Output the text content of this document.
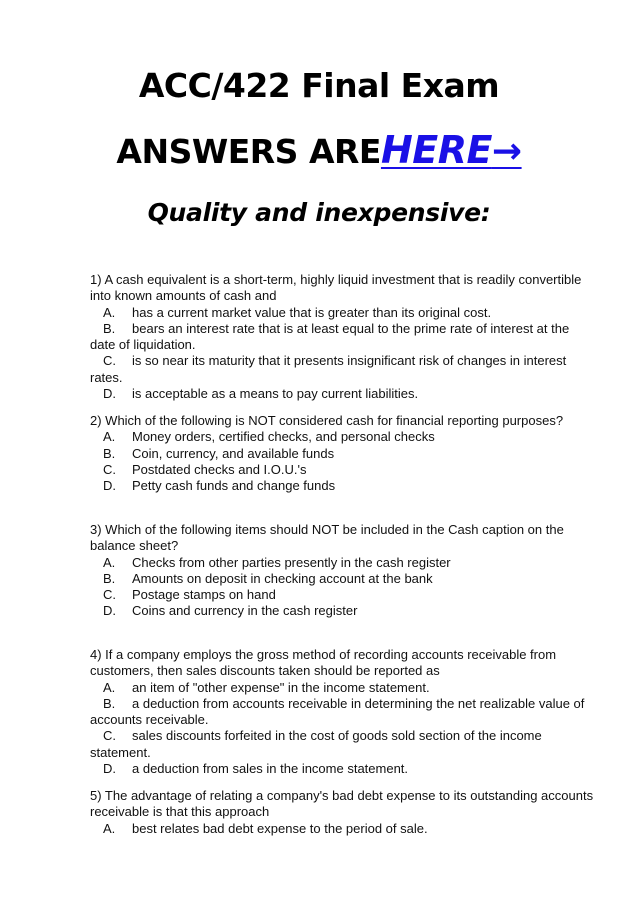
ACC/422 Final Exam
ANSWERS AREHERE→
Quality and inexpensive:

1) A cash equivalent is a short-term, highly liquid investment that is readily convertible into known amounts of cash and

A. has a current market value that is greater than its original cost.

B. bears an interest rate that is at least equal to the prime rate of interest at the date of liquidation.

C. is so near its maturity that it presents insignificant risk of changes in interest rates.

D. is acceptable as a means to pay current liabilities.

2) Which of the following is NOT considered cash for financial reporting purposes?

A. Money orders, certified checks, and personal checks

B. Coin, currency, and available funds

C. Postdated checks and I.O.U.'s

D. Petty cash funds and change funds

3) Which of the following items should NOT be included in the Cash caption on the balance sheet?

A. Checks from other parties presently in the cash register

B. Amounts on deposit in checking account at the bank

C. Postage stamps on hand

D. Coins and currency in the cash register

4) If a company employs the gross method of recording accounts receivable from customers, then sales discounts taken should be reported as

A. an item of "other expense" in the income statement.

B. a deduction from accounts receivable in determining the net realizable value of accounts receivable.

C. sales discounts forfeited in the cost of goods sold section of the income statement.

D. a deduction from sales in the income statement.

5) The advantage of relating a company's bad debt expense to its outstanding accounts receivable is that this approach

A. best relates bad debt expense to the period of sale.
